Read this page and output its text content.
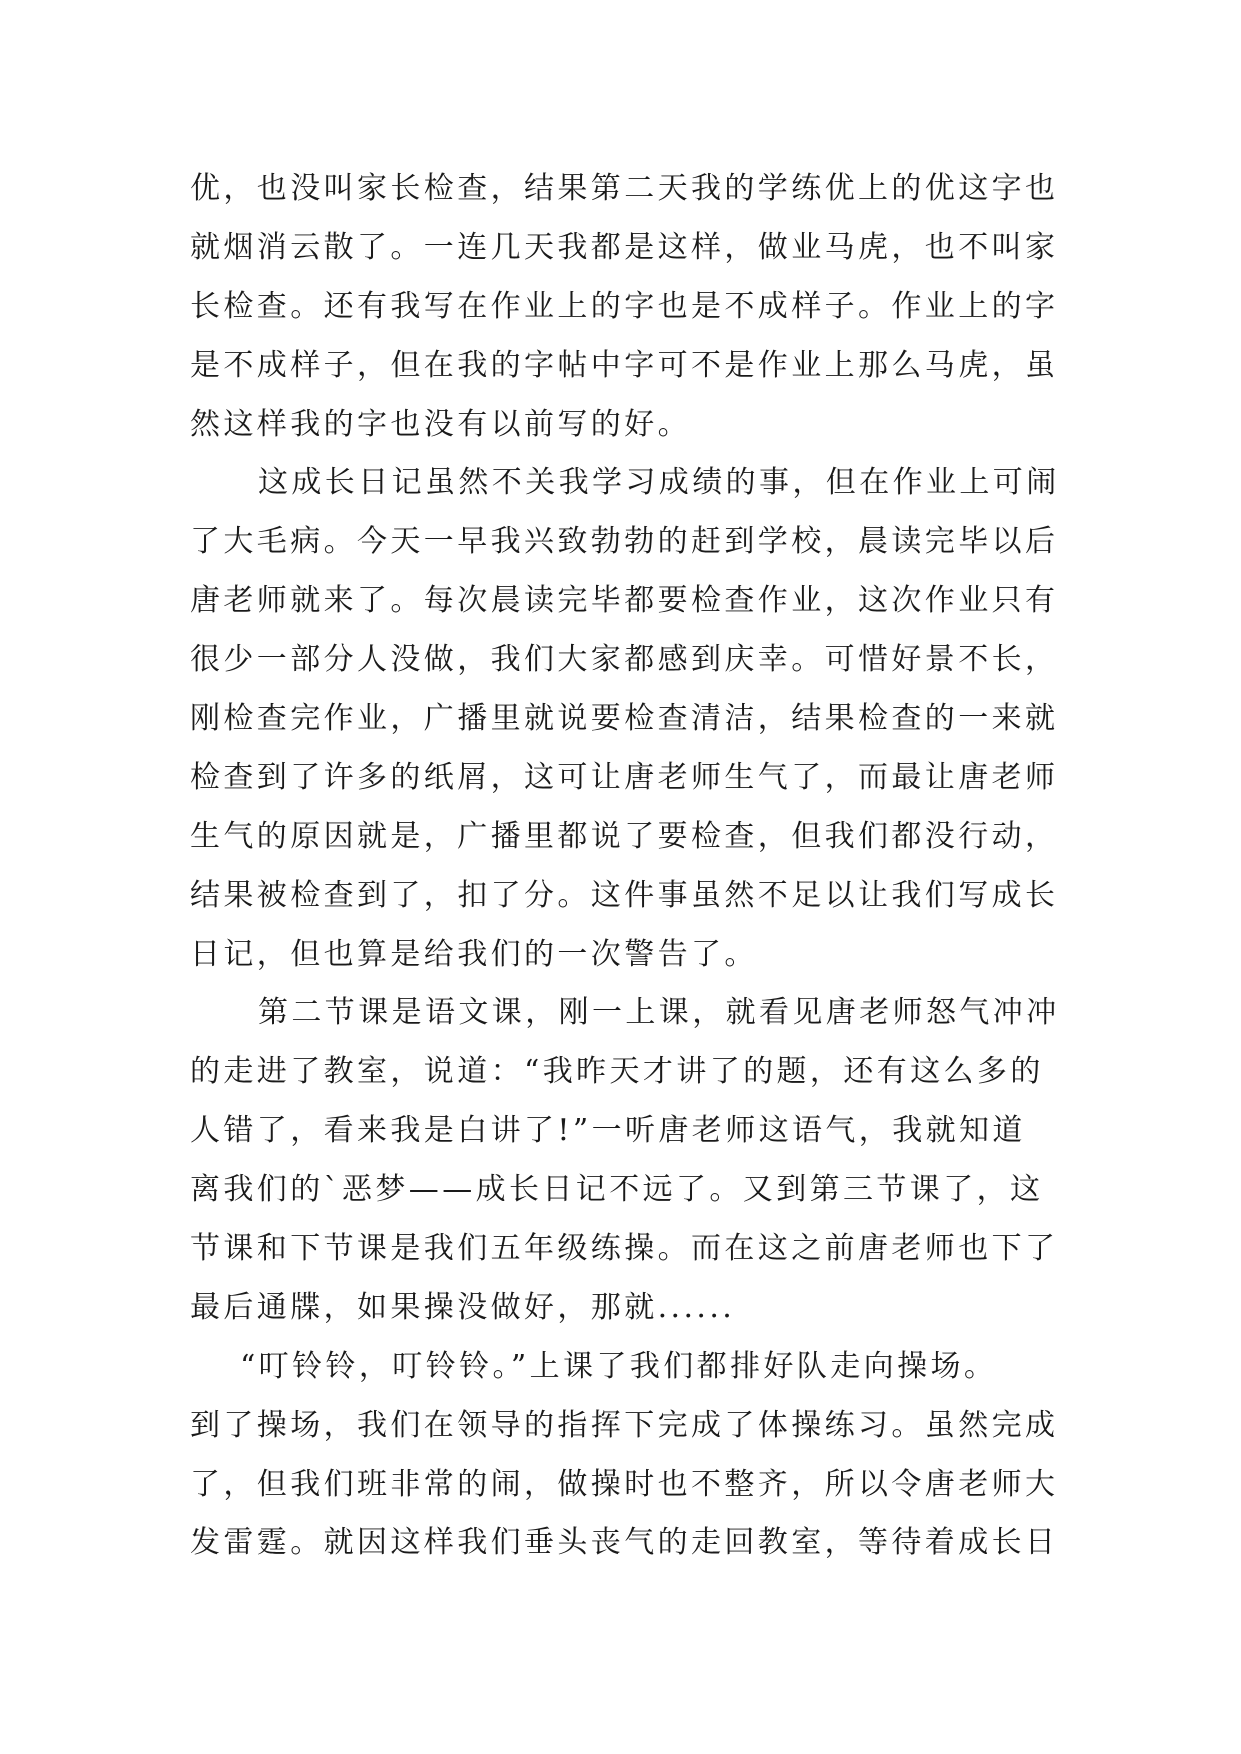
优，也没叫家长检查，结果第二天我的学练优上的优这字也
就烟消云散了。一连几天我都是这样，做业马虎，也不叫家
长检查。还有我写在作业上的字也是不成样子。作业上的字
是不成样子，但在我的字帖中字可不是作业上那么马虎，虽
然这样我的字也没有以前写的好。
这成长日记虽然不关我学习成绩的事，但在作业上可闹
了大毛病。今天一早我兴致勃勃的赶到学校，晨读完毕以后
唐老师就来了。每次晨读完毕都要检查作业，这次作业只有
很少一部分人没做，我们大家都感到庆幸。可惜好景不长，
刚检查完作业，广播里就说要检查清洁，结果检查的一来就
检查到了许多的纸屑，这可让唐老师生气了，而最让唐老师
生气的原因就是，广播里都说了要检查，但我们都没行动，
结果被检查到了，扣了分。这件事虽然不足以让我们写成长
日记，但也算是给我们的一次警告了。
第二节课是语文课，刚一上课，就看见唐老师怒气冲冲
的走进了教室，说道：“我昨天才讲了的题，还有这么多的
人错了，看来我是白讲了!”一听唐老师这语气，我就知道
离我们的`恶梦——成长日记不远了。又到第三节课了，这
节课和下节课是我们五年级练操。而在这之前唐老师也下了
最后通牒，如果操没做好，那就......
“叮铃铃，叮铃铃。”上课了我们都排好队走向操场。
到了操场，我们在领导的指挥下完成了体操练习。虽然完成
了，但我们班非常的闹，做操时也不整齐，所以令唐老师大
发雷霆。就因这样我们垂头丧气的走回教室，等待着成长日
